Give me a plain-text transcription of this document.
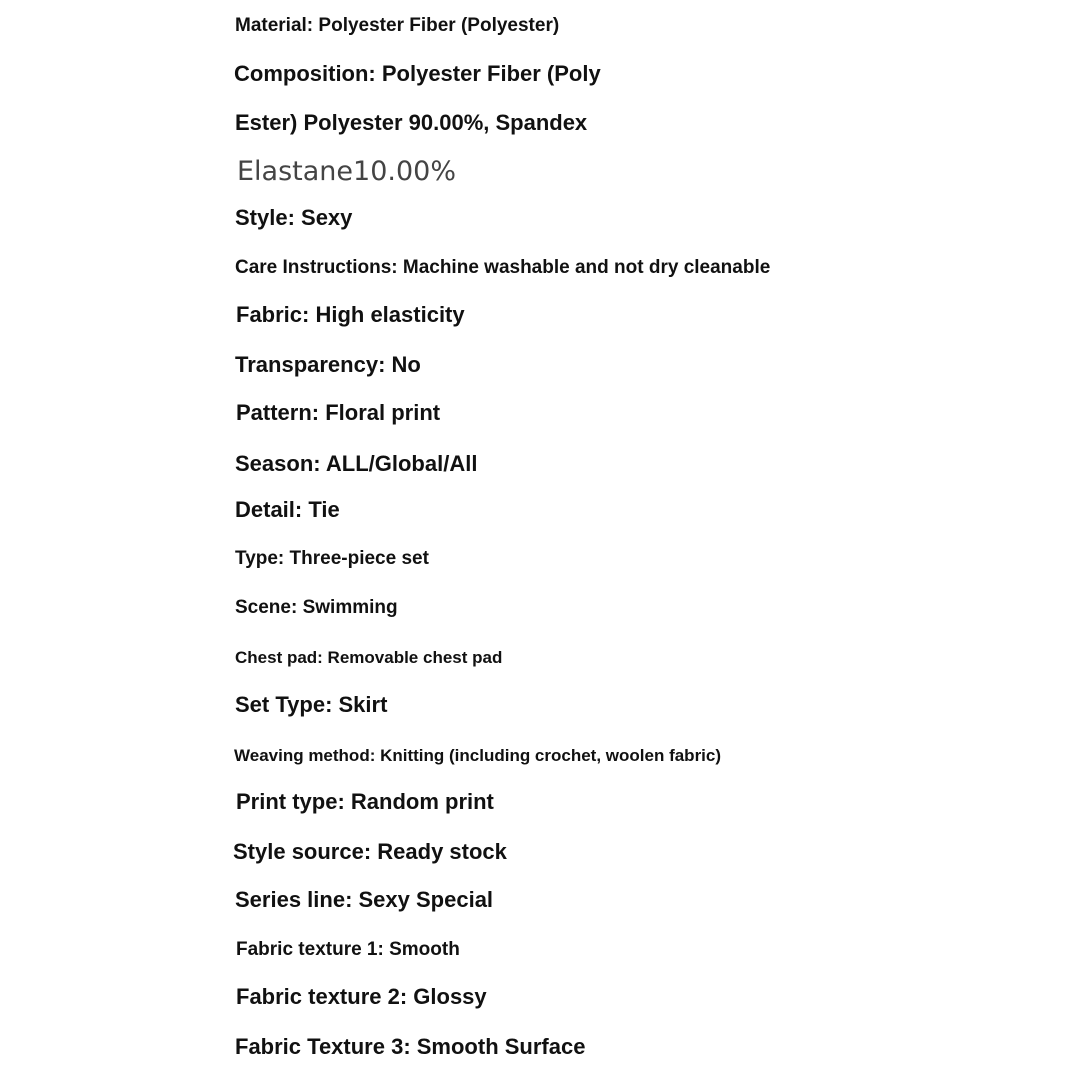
Material: Polyester Fiber (Polyester)
Composition: Polyester Fiber (Poly
Ester) Polyester 90.00%, Spandex
Elastane10.00%
Style: Sexy
Care Instructions: Machine washable and not dry cleanable
Fabric: High elasticity
Transparency: No
Pattern: Floral print
Season: ALL/Global/All
Detail: Tie
Type: Three-piece set
Scene: Swimming
Chest pad: Removable chest pad
Set Type: Skirt
Weaving method: Knitting (including crochet, woolen fabric)
Print type: Random print
Style source: Ready stock
Series line: Sexy Special
Fabric texture 1: Smooth
Fabric texture 2: Glossy
Fabric Texture 3: Smooth Surface
